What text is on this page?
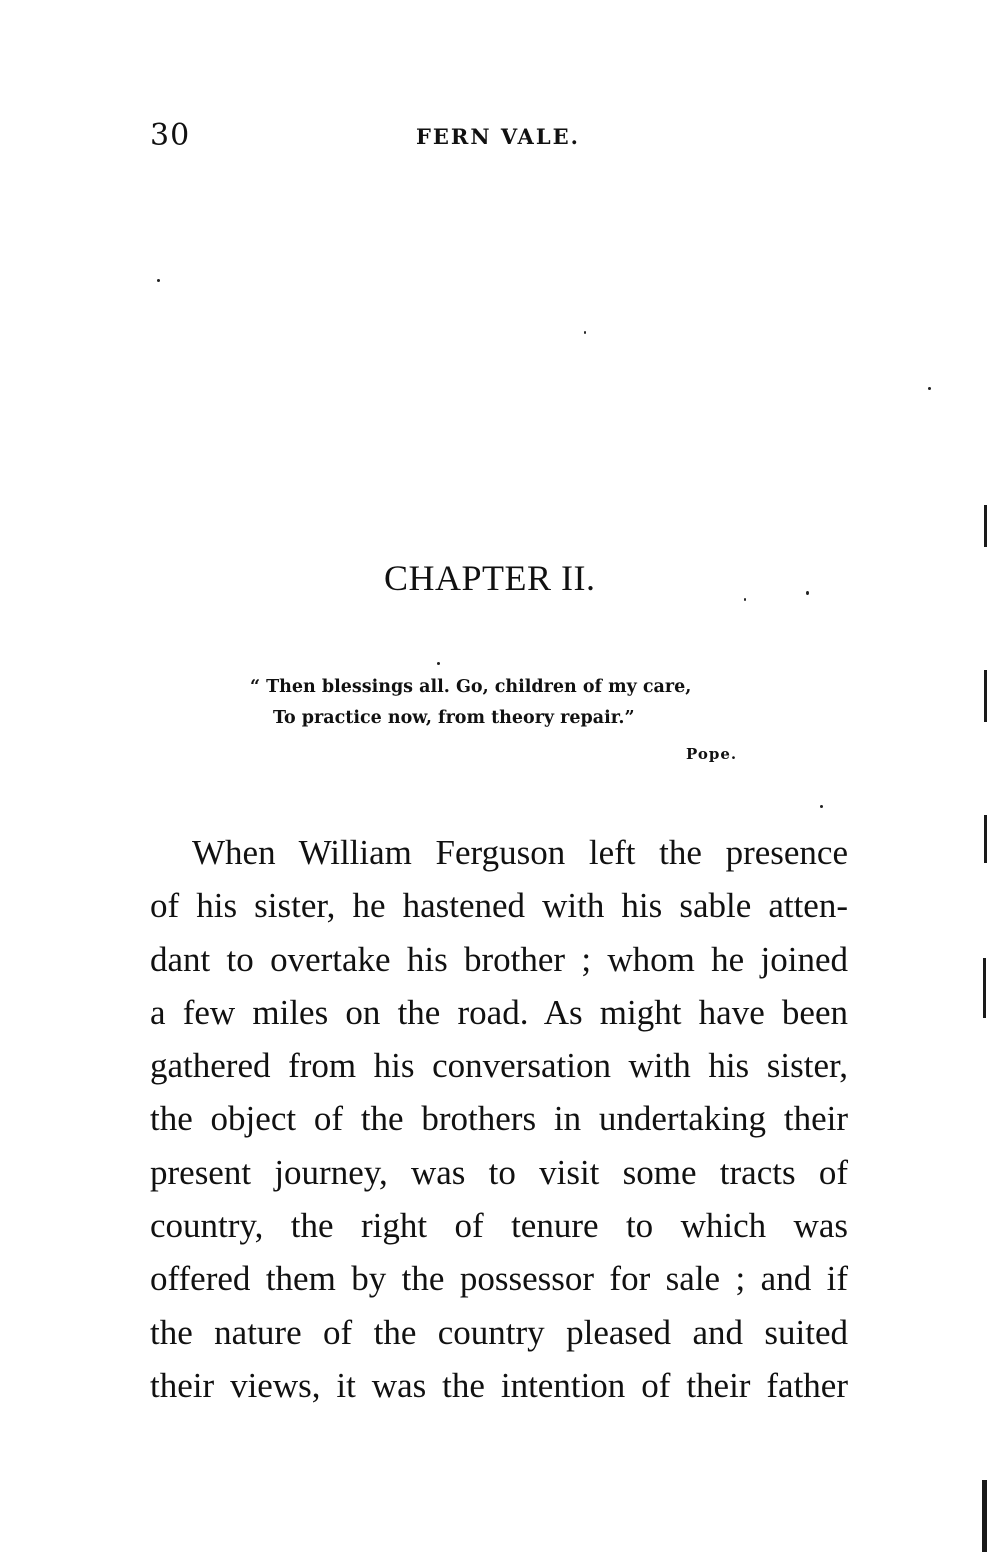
30	FERN VALE.
CHAPTER II.
“ Then blessings all. Go, children of my care,
To practice now, from theory repair.”
Pope.
When William Ferguson left the presence
of his sister, he hastened with his sable atten-
dant to overtake his brother ; whom he joined
a few miles on the road. As might have been
gathered from his conversation with his sister,
the object of the brothers in undertaking their
present journey, was to visit some tracts of
country, the right of tenure to which was
offered them by the possessor for sale ; and if
the nature of the country pleased and suited
their views, it was the intention of their father
